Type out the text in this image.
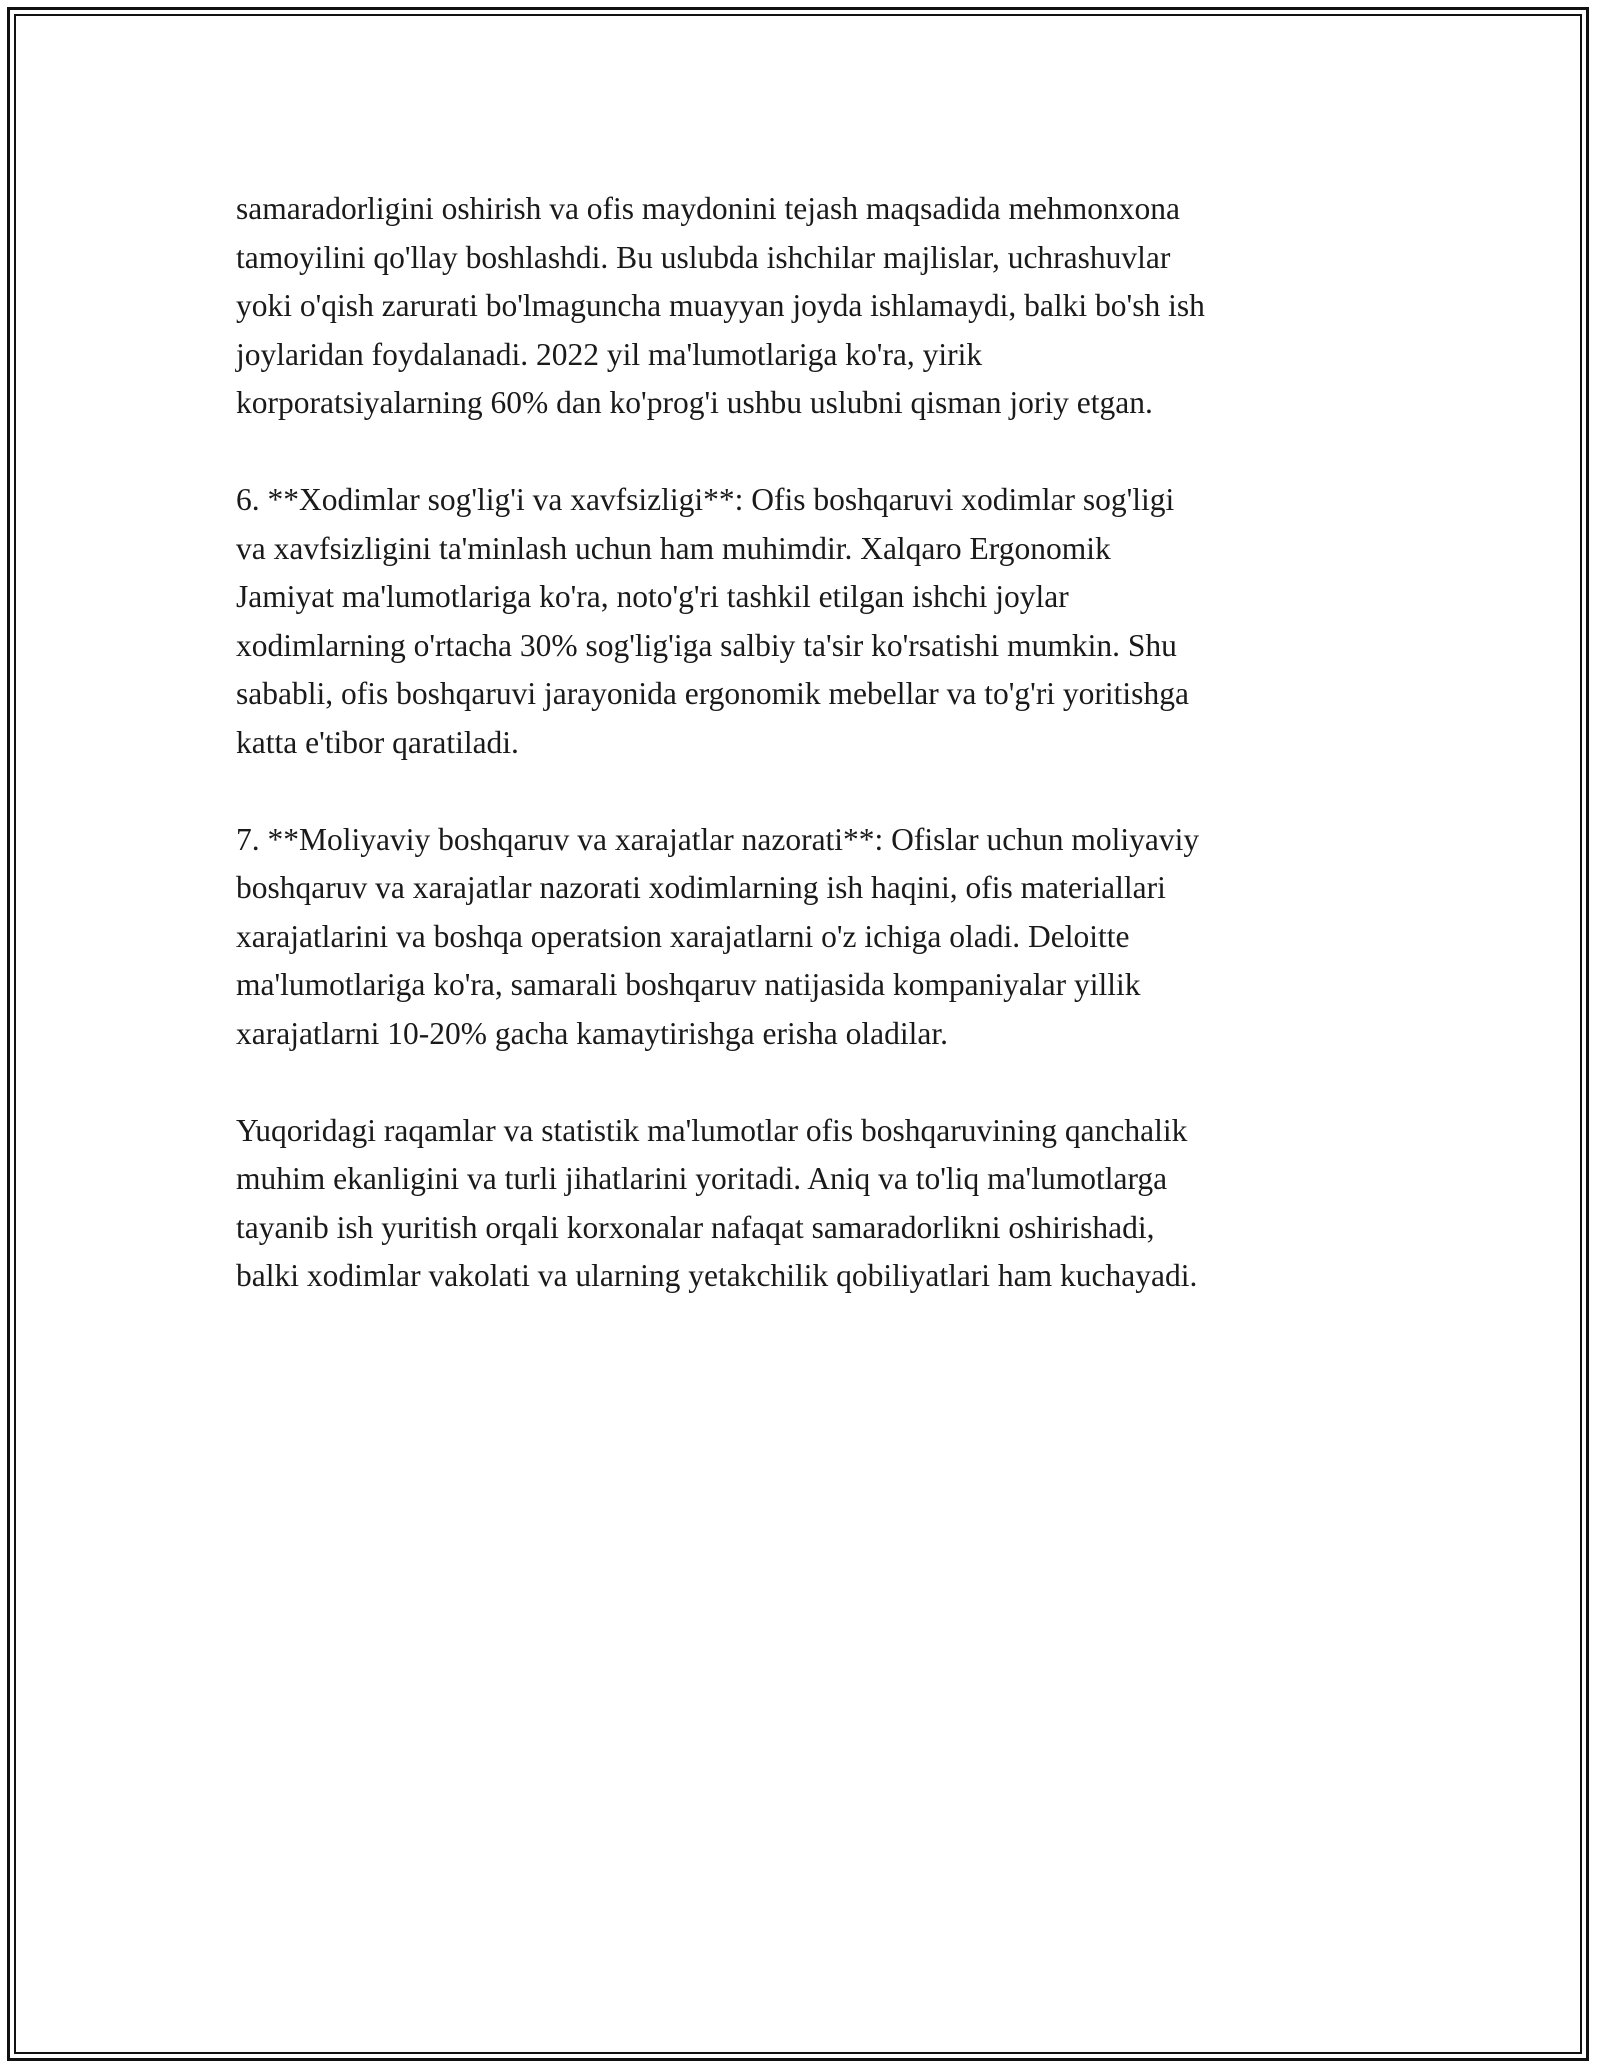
samaradorligini oshirish va ofis maydonini tejash maqsadida mehmonxona
tamoyilini qo'llay boshlashdi. Bu uslubda ishchilar majlislar, uchrashuvlar
yoki o'qish zarurati bo'lmaguncha muayyan joyda ishlamaydi, balki bo'sh ish
joylaridan foydalanadi. 2022 yil ma'lumotlariga ko'ra, yirik
korporatsiyalarning 60% dan ko'prog'i ushbu uslubni qisman joriy etgan.

6. **Xodimlar sog'lig'i va xavfsizligi**: Ofis boshqaruvi xodimlar sog'ligi
va xavfsizligini ta'minlash uchun ham muhimdir. Xalqaro Ergonomik
Jamiyat ma'lumotlariga ko'ra, noto'g'ri tashkil etilgan ishchi joylar
xodimlarning o'rtacha 30% sog'lig'iga salbiy ta'sir ko'rsatishi mumkin. Shu
sababli, ofis boshqaruvi jarayonida ergonomik mebellar va to'g'ri yoritishga
katta e'tibor qaratiladi.

7. **Moliyaviy boshqaruv va xarajatlar nazorati**: Ofislar uchun moliyaviy
boshqaruv va xarajatlar nazorati xodimlarning ish haqini, ofis materiallari
xarajatlarini va boshqa operatsion xarajatlarni o'z ichiga oladi. Deloitte
ma'lumotlariga ko'ra, samarali boshqaruv natijasida kompaniyalar yillik
xarajatlarni 10-20% gacha kamaytirishga erisha oladilar.

Yuqoridagi raqamlar va statistik ma'lumotlar ofis boshqaruvining qanchalik
muhim ekanligini va turli jihatlarini yoritadi. Aniq va to'liq ma'lumotlarga
tayanib ish yuritish orqali korxonalar nafaqat samaradorlikni oshirishadi,
balki xodimlar vakolati va ularning yetakchilik qobiliyatlari ham kuchayadi.
